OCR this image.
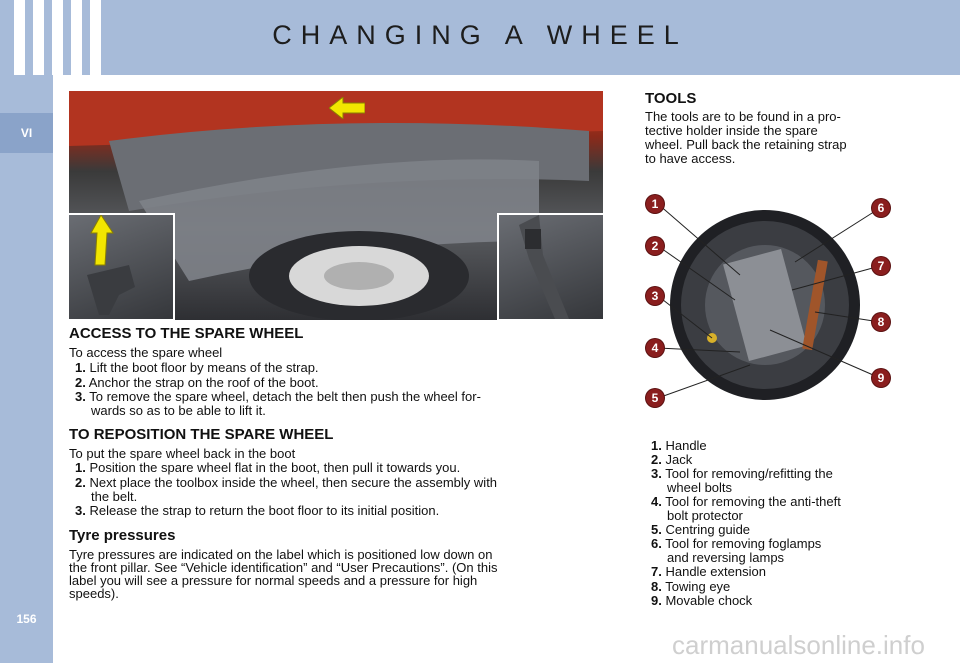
CHANGING A WHEEL
VI
156
ACCESS TO THE SPARE WHEEL
To access the spare wheel
1. Lift the boot floor by means of the strap.
2. Anchor the strap on the roof of the boot.
3. To remove the spare wheel, detach the belt then push the wheel for-
wards so as to be able to lift it.
TO REPOSITION THE SPARE WHEEL
To put the spare wheel back in the boot
1. Position the spare wheel flat in the boot, then pull it towards you.
2. Next place the toolbox inside the wheel, then secure the assembly with
the belt.
3. Release the strap to return the boot floor to its initial position.
Tyre pressures
Tyre pressures are indicated on the label which is positioned low down on
the front pillar. See “Vehicle identification” and “User Precautions”. (On this
label you will see a pressure for normal speeds and a pressure for high
speeds).
TOOLS
The tools are to be found in a pro-
tective holder inside the spare
wheel. Pull back the retaining strap
to have access.
1
2
3
4
5
6
7
8
9
1. Handle
2. Jack
3. Tool for removing/refitting the
wheel bolts
4. Tool for removing the anti-theft
bolt protector
5. Centring guide
6. Tool for removing foglamps
and reversing lamps
7. Handle extension
8. Towing eye
9. Movable chock
carmanualsonline.info
